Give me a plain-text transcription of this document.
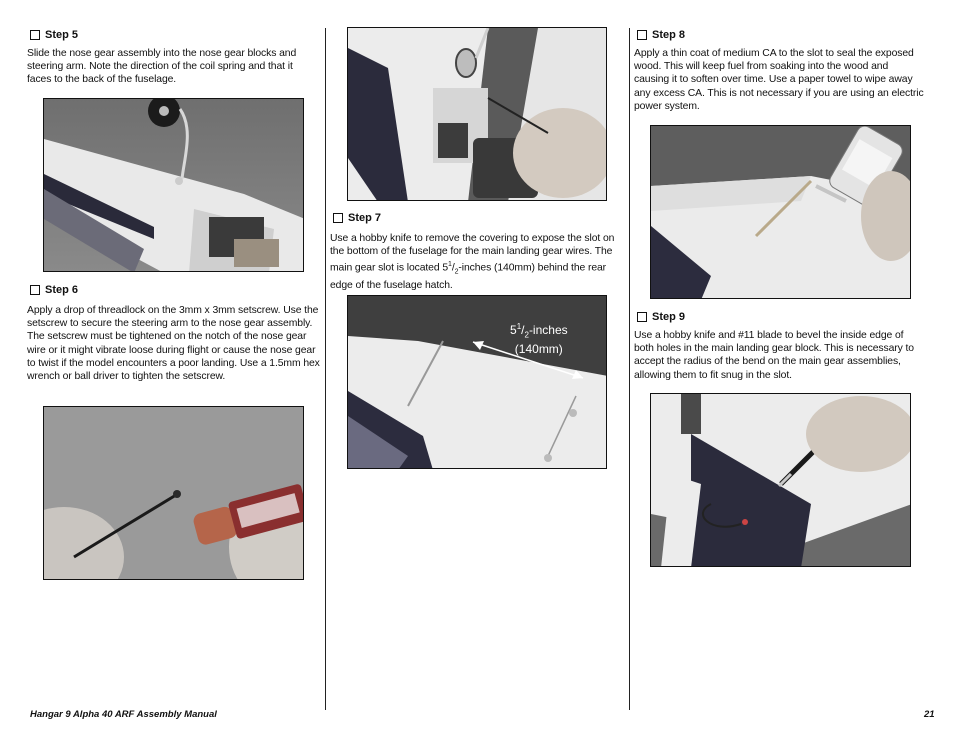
Step 5
Slide the nose gear assembly into the nose gear blocks and steering arm. Note the direction of the coil spring and that it faces to the back of the fuselage.
Step 6
Apply a drop of threadlock on the 3mm x 3mm setscrew. Use the setscrew to secure the steering arm to the nose gear assembly. The setscrew must be tightened on the notch of the nose gear wire or it might vibrate loose during flight or cause the nose gear to twist if the model encounters a poor landing. Use a 1.5mm hex wrench or ball driver to tighten the setscrew.
Step 7
Use a hobby knife to remove the covering to expose the slot on the bottom of the fuselage for the main landing gear wires. The main gear slot is located $5^1/_2$-inches (140mm) behind the rear edge of the fuselage hatch.
$5^1/_2$-inches
(140mm)
Step 8
Apply a thin coat of medium CA to the slot to seal the exposed wood. This will keep fuel from soaking into the wood and causing it to soften over time. Use a paper towel to wipe away any excess CA. This is not necessary if you are using an electric power system.
Step 9
Use a hobby knife and #11 blade to bevel the inside edge of both holes in the main landing gear block. This is necessary to accept the radius of the bend on the main gear assemblies, allowing them to fit snug in the slot.
Hangar 9 Alpha 40 ARF Assembly Manual	21
